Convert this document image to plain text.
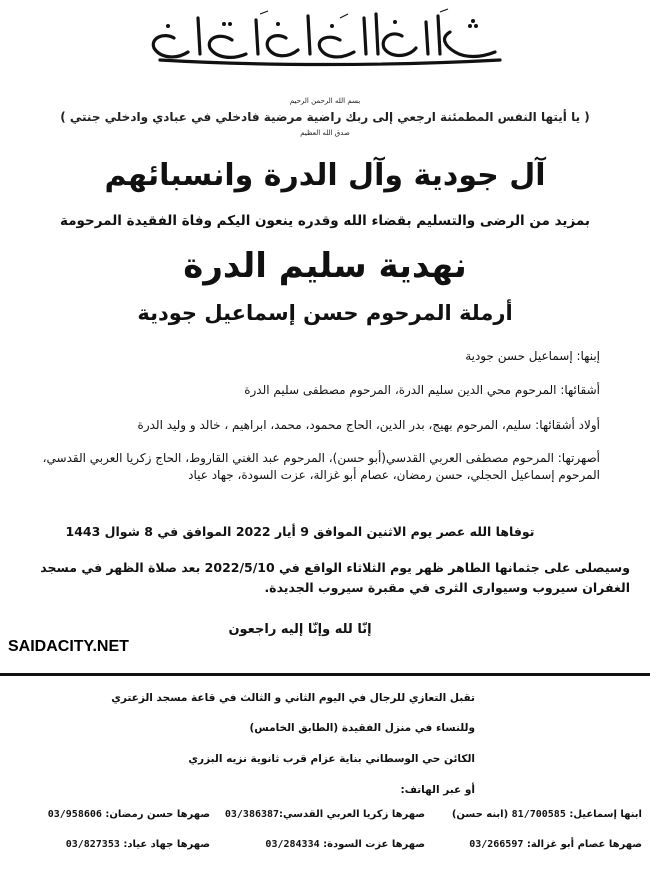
بسم الله الرحمن الرحيم
( يا أيتها النفس المطمئنة ارجعي إلى ربك راضية مرضية فادخلي في عبادي وادخلي جنتي )
صدق الله العظيم
آل جودية وآل الدرة وانسبائهم
بمزيد من الرضى والتسليم بقضاء الله وقدره ينعون اليكم وفاة الفقيدة المرحومة
نهدية سليم الدرة
أرملة المرحوم حسن إسماعيل جودية
إبنها: إسماعيل حسن جودية
أشقائها: المرحوم محي الدين سليم الدرة، المرحوم مصطفى سليم الدرة
أولاد أشقائها: سليم، المرحوم بهيج، بدر الدين، الحاج محمود، محمد، ابراهيم ، خالد و وليد الدرة
أصهرتها: المرحوم مصطفى العربي القدسي(أبو حسن)، المرحوم عبد الغني القاروط، الحاج زكريا العربي القدسي، المرحوم إسماعيل الحجلي، حسن رمضان، عصام أبو غزالة، عزت السودة، جهاد عياد
توفاها الله عصر يوم الاثنين الموافق 9 أيار 2022 الموافق في 8 شوال 1443
وسيصلى على جثمانها الطاهر ظهر يوم الثلاثاء الواقع في 2022/5/10 بعد صلاة الظهر في مسجد الغفران سيروب وسيوارى الثرى في مقبرة سيروب الجديدة.
إنّا لله وإنّا إليه راجعون
SAIDACITY.NET
تقبل التعازي للرجال في اليوم الثاني و الثالث في قاعة مسجد الزعتري
وللنساء في منزل الفقيدة (الطابق الخامس)
الكائن حي الوسطاني بناية عزام قرب ثانوية نزيه البزري
أو عبر الهاتف:
ابنها إسماعيل: 81/700585 (ابنه حسن)
صهرها زكريا العربي القدسي:03/386387
صهرها حسن رمضان: 03/958606
صهرها عصام أبو غزالة: 03/266597
صهرها عزت السودة: 03/284334
صهرها جهاد عياد: 03/827353
